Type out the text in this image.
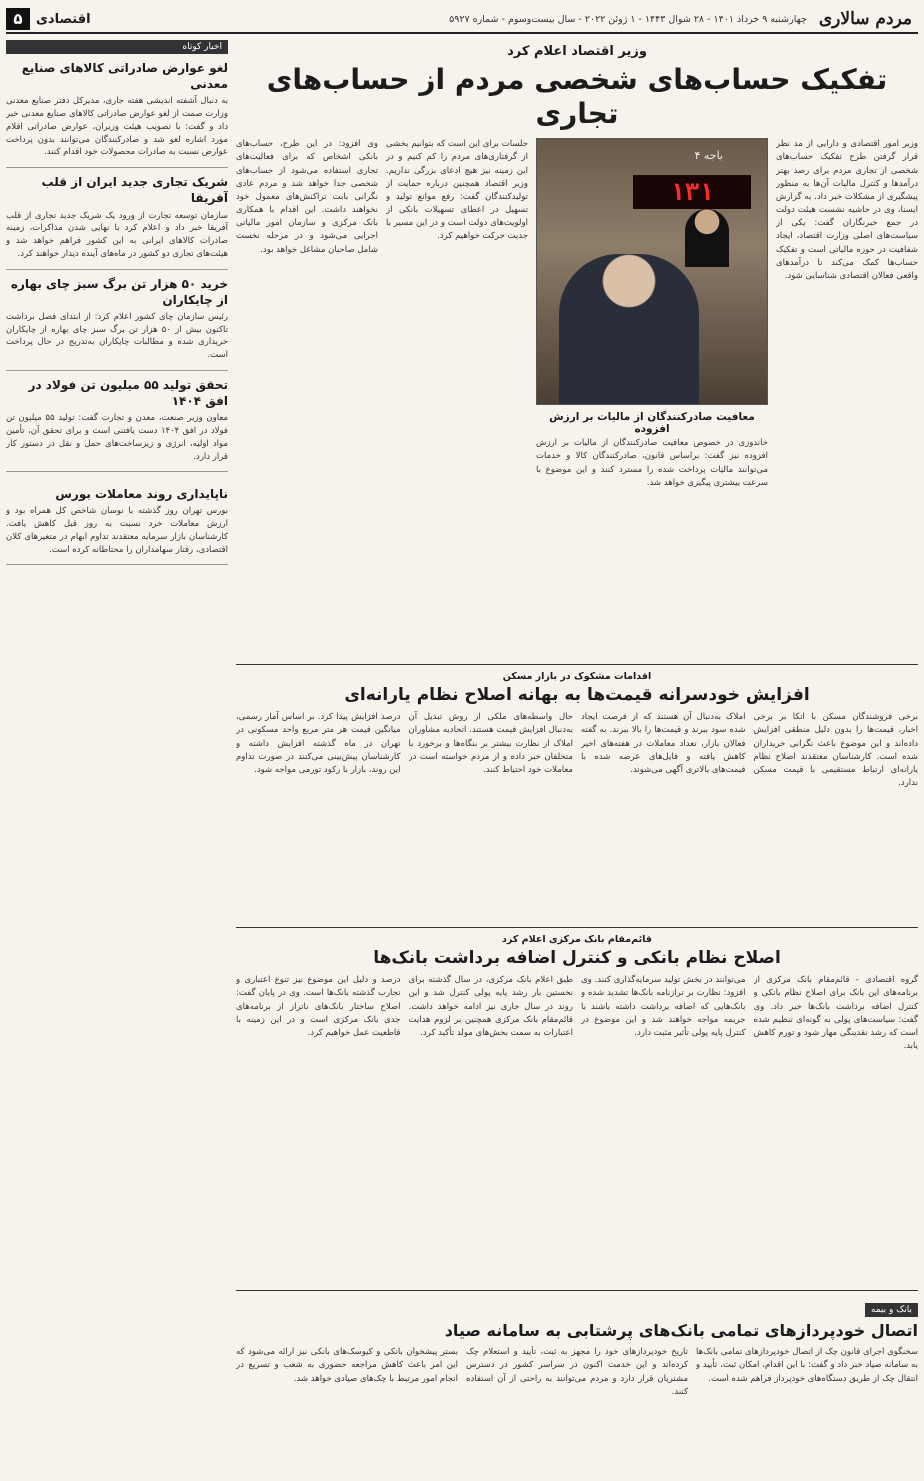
مردم سالاری
چهارشنبه ۹ خرداد ۱۴۰۱ - ۲۸ شوال ۱۴۴۳ - ۱ ژوئن ۲۰۲۲ - سال بیست‌وسوم - شماره ۵۹۲۷
اقتصادی
۵
اخبار کوتاه
لغو عوارض صادراتی کالاهای صنایع معدنی

به دنبال آشفته اندیشی هفته جاری، مدیرکل دفتر صنایع معدنی وزارت صمت از لغو عوارض صادراتی کالاهای صنایع معدنی خبر داد و گفت: با تصویب هیئت وزیران، عوارض صادراتی اقلام مورد اشاره لغو شد و صادرکنندگان می‌توانند بدون پرداخت عوارض نسبت به صادرات محصولات خود اقدام کنند.

شریک تجاری جدید ایران از قلب آفریقا

سازمان توسعه تجارت از ورود یک شریک جدید تجاری از قلب آفریقا خبر داد و اعلام کرد با نهایی شدن مذاکرات، زمینه صادرات کالاهای ایرانی به این کشور فراهم خواهد شد و هیئت‌های تجاری دو کشور در ماه‌های آینده دیدار خواهند کرد.

خرید ۵۰ هزار تن برگ سبز چای بهاره از چایکاران

رئیس سازمان چای کشور اعلام کرد: از ابتدای فصل برداشت تاکنون بیش از ۵۰ هزار تن برگ سبز چای بهاره از چایکاران خریداری شده و مطالبات چایکاران به‌تدریج در حال پرداخت است.

تحقق تولید ۵۵ میلیون تن فولاد در افق ۱۴۰۴

معاون وزیر صنعت، معدن و تجارت گفت: تولید ۵۵ میلیون تن فولاد در افق ۱۴۰۴ دست یافتنی است و برای تحقق آن، تأمین مواد اولیه، انرژی و زیرساخت‌های حمل و نقل در دستور کار قرار دارد.

ناپایداری روند معاملات بورس

بورس تهران روز گذشته با نوسان شاخص کل همراه بود و ارزش معاملات خرد نسبت به روز قبل کاهش یافت. کارشناسان بازار سرمایه معتقدند تداوم ابهام در متغیرهای کلان اقتصادی، رفتار سهامداران را محتاطانه کرده است.

وزیر اقتصاد اعلام کرد
تفکیک حساب‌های شخصی مردم از حساب‌های تجاری
وزیر امور اقتصادی و دارایی از مد نظر قرار گرفتن طرح تفکیک حساب‌های شخصی از تجاری مردم برای رصد بهتر درآمدها و کنترل مالیات آن‌ها به منظور پیشگیری از مشکلات خبر داد. به گزارش ایسنا، وی در حاشیه نشست هیئت دولت در جمع خبرنگاران گفت: یکی از سیاست‌های اصلی وزارت اقتصاد، ایجاد شفافیت در حوزه مالیاتی است و تفکیک حساب‌ها کمک می‌کند تا درآمدهای واقعی فعالان اقتصادی شناسایی شود.
باجه ۴
۱۳۱
معافیت صادرکنندگان از مالیات بر ارزش افزوده
خاندوزی در خصوص معافیت صادرکنندگان از مالیات بر ارزش افزوده نیز گفت: براساس قانون، صادرکنندگان کالا و خدمات می‌توانند مالیات پرداخت شده را مسترد کنند و این موضوع با سرعت بیشتری پیگیری خواهد شد.
جلسات برای این است که بتوانیم بخشی از گرفتاری‌های مردم را کم کنیم و در این زمینه نیز هیچ ادعای بزرگی نداریم. وزیر اقتصاد همچنین درباره حمایت از تولیدکنندگان گفت: رفع موانع تولید و تسهیل در اعطای تسهیلات بانکی از اولویت‌های دولت است و در این مسیر با جدیت حرکت خواهیم کرد.
وی افزود: در این طرح، حساب‌های بانکی اشخاص که برای فعالیت‌های تجاری استفاده می‌شود از حساب‌های شخصی جدا خواهد شد و مردم عادی نگرانی بابت تراکنش‌های معمول خود نخواهند داشت. این اقدام با همکاری بانک مرکزی و سازمان امور مالیاتی اجرایی می‌شود و در مرحله نخست شامل صاحبان مشاغل خواهد بود.
اقدامات مشکوک در بازار مسکن
افزایش خودسرانه قیمت‌ها به بهانه اصلاح نظام یارانه‌ای
برخی فروشندگان مسکن با اتکا بر برخی اخبار، قیمت‌ها را بدون دلیل منطقی افزایش داده‌اند و این موضوع باعث نگرانی خریداران شده است. کارشناسان معتقدند اصلاح نظام یارانه‌ای ارتباط مستقیمی با قیمت مسکن ندارد.
املاک به‌دنبال آن هستند که از فرصت ایجاد شده سود ببرند و قیمت‌ها را بالا ببرند. به گفته فعالان بازار، تعداد معاملات در هفته‌های اخیر کاهش یافته و فایل‌های عرضه شده با قیمت‌های بالاتری آگهی می‌شوند.
حال واسطه‌های ملکی از روش تبدیل آن به‌دنبال افزایش قیمت هستند. اتحادیه مشاوران املاک از نظارت بیشتر بر بنگاه‌ها و برخورد با متخلفان خبر داده و از مردم خواسته است در معاملات خود احتیاط کنند.
درصد افزایش پیدا کرد. بر اساس آمار رسمی، میانگین قیمت هر متر مربع واحد مسکونی در تهران در ماه گذشته افزایش داشته و کارشناسان پیش‌بینی می‌کنند در صورت تداوم این روند، بازار با رکود تورمی مواجه شود.
قائم‌مقام بانک مرکزی اعلام کرد
اصلاح نظام بانکی و کنترل اضافه برداشت بانک‌ها
گروه اقتصادی - قائم‌مقام بانک مرکزی از برنامه‌های این بانک برای اصلاح نظام بانکی و کنترل اضافه برداشت بانک‌ها خبر داد. وی گفت: سیاست‌های پولی به گونه‌ای تنظیم شده است که رشد نقدینگی مهار شود و تورم کاهش یابد.
می‌توانند در بخش تولید سرمایه‌گذاری کنند. وی افزود: نظارت بر ترازنامه بانک‌ها تشدید شده و بانک‌هایی که اضافه برداشت داشته باشند با جریمه مواجه خواهند شد و این موضوع در کنترل پایه پولی تأثیر مثبت دارد.
طبق اعلام بانک مرکزی، در سال گذشته برای نخستین بار رشد پایه پولی کنترل شد و این روند در سال جاری نیز ادامه خواهد داشت. قائم‌مقام بانک مرکزی همچنین بر لزوم هدایت اعتبارات به سمت بخش‌های مولد تأکید کرد.
درصد و دلیل این موضوع نیز تنوع اعتباری و تجارب گذشته بانک‌ها است. وی در پایان گفت: اصلاح ساختار بانک‌های ناتراز از برنامه‌های جدی بانک مرکزی است و در این زمینه با قاطعیت عمل خواهیم کرد.
بانک و بیمه
اتصال خودپردازهای تمامی بانک‌های پرشتابی به سامانه صیاد
سخنگوی اجرای قانون چک از اتصال خودپردازهای تمامی بانک‌ها به سامانه صیاد خبر داد و گفت: با این اقدام، امکان ثبت، تأیید و انتقال چک از طریق دستگاه‌های خودپرداز فراهم شده است.
تاریخ خودپردازهای خود را مجهز به ثبت، تأیید و استعلام چک کرده‌اند و این خدمت اکنون در سراسر کشور در دسترس مشتریان قرار دارد و مردم می‌توانند به راحتی از آن استفاده کنند.
بستر پیشخوان بانکی و کیوسک‌های بانکی نیز ارائه می‌شود که این امر باعث کاهش مراجعه حضوری به شعب و تسریع در انجام امور مرتبط با چک‌های صیادی خواهد شد.
